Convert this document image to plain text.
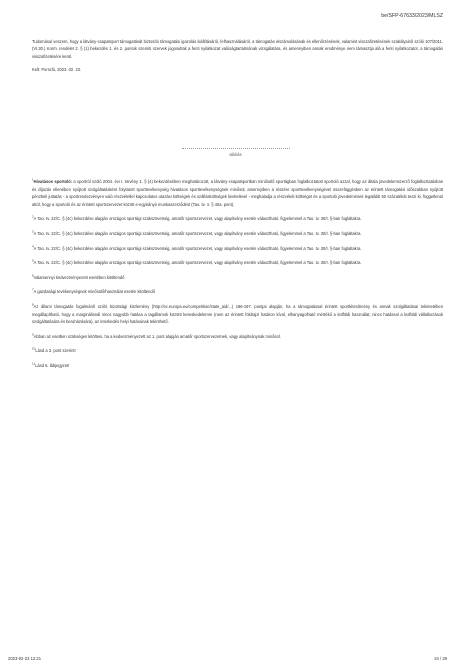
be/SFP-67633/2023/MLSZ

Tudomásul veszem, hogy a látvány-csapatsport támogatását biztosító támogatási igazolás kiállításáról, felhasználásáról, a támogatás elszámolásának és ellenőrzésének, valamint visszafizetésének szabályairól szóló 107/2011. (VI.30.) Korm. rendelet 2. § (1) bekezdés 1. és 2. pontok szerinti szervek jogosultak a fenti nyilatkozat valóságtartalmának vizsgálatára, és amennyiben annak eredménye nem támasztja alá a fenti nyilatkozatot, a támogatás visszafizetésére kerül.

Kelt: Porszló, 2023. 02. 23.

aláírás

$^1$Hivatásos sportoló: a sportról szóló 2004. évi I. törvény 1. § (4) bekezdésében meghatározott, a látvány-csapatsportban minősülő sportágban foglalkoztatott sportoló azzal, hogy az általa jövedelemszerző foglalkoztatásban és díjazás ellenében nyújtott szolgáltatásként folytatott sporttevékenység hivatásos sporttevékenységnek minősül, amennyiben a részére sporttevékenységével összefüggésben az érintett támogatási időszakban nyújtott pénzbeli juttatás - a sportrendezvényen való részvétellel kapcsolatos utazási költségek és szállásköltségek kivételével - meghaladja a részvételi költséget és a sportoló jövedelmének legalább 50 százalékát teszi ki, függetlenül attól, hogy a sportoló és az érintett sportszervezet között e-egyirányú munkaszerződést (Tao. tv. 4. § 40a. pont).

$^2$A Tao. tv. 22/C. § (4c) bekezdése alapján országos sportági szakszövetség, amatőr sportszervezet, vagy alapítvány esetén választható, figyelemmel a Tao. tv. 30/I. §-ban foglaltakra.

$^3$A Tao. tv. 22/C. § (4c) bekezdése alapján országos sportági szakszövetség, amatőr sportszervezet, vagy alapítvány esetén választható, figyelemmel a Tao. tv. 30/I. §-ban foglaltakra.

$^4$A Tao. tv. 22/C. § (4c) bekezdése alapján országos sportági szakszövetség, amatőr sportszervezet, vagy alapítvány esetén választható, figyelemmel a Tao. tv. 30/I. §-ban foglaltakra.

$^5$A Tao. tv. 22/C. § (4c) bekezdése alapján országos sportági szakszövetség, amatőr sportszervezet, vagy alapítvány esetén választható, figyelemmel a Tao. tv. 30/I. §-ban foglaltakra.

$^6$Valamennyi kedvezményezett esetében kitöltendő

$^7$A gazdasági tevékenységnek minősülő/használat esetén kitöltendő

$^8$Az állami támogatás fogalmáról szóló bizottsági közlemény (http://ec.europa.eu/competition/state_aid/...) 196-197. pontjai alapján, ha a támogatással érintett sportlétesítmény és annak szolgáltatásai tekintetében megállapítható, hogy a marginálisnál nincs nagyobb hatása a tagállamok közötti kereskedelemre (nem az érintett földrajzi határon kívül, elhanyagolható mértékű a külföldi használat; nincs hatással a külföldi vállalkozások szolgáltatására és beruházására), az interkedés helyi hatásúnak tekinthető.

$^9$Abban az esetben szükséges kitölteni, ha a kedvezményezett az 1. pont alapján amatőr sportszervezetnek, vagy alapítványnak minősül.

$^{10}$Lásd a 3. pont szerint!

$^{11}$Lásd 6. lábjegyzet!

2023-02-23 12:21	24 / 29
